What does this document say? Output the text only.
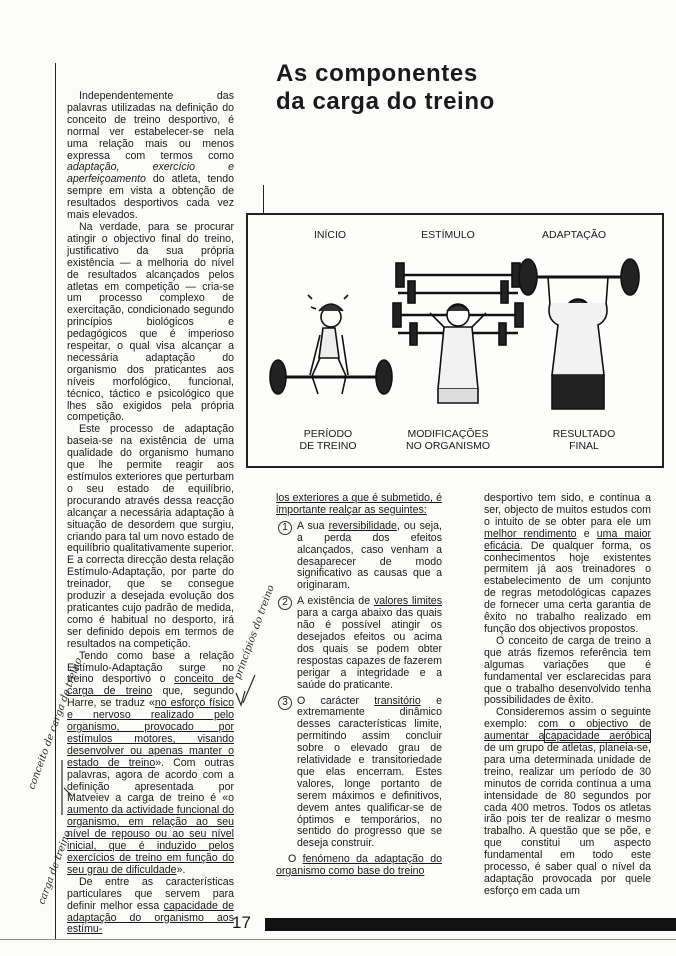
As componentes
da carga do treino

Independentemente das palavras utilizadas na definição do conceito de treino desportivo, é normal ver estabelecer-se nela uma relação mais ou menos expressa com termos como adaptação, exercício e aperfeiçoamento do atleta, tendo sempre em vista a obtenção de resultados desportivos cada vez mais elevados.

Na verdade, para se procurar atingir o objectivo final do treino, justificativo da sua própria existência — a melhoria do nível de resultados alcançados pelos atletas em competição — cria-se um processo complexo de exercitação, condicionado segundo princípios biológicos e pedagógicos que é imperioso respeitar, o qual visa alcançar a necessária adaptação do organismo dos praticantes aos níveis morfológico, funcional, técnico, táctico e psicológico que lhes são exigidos pela própria competição.

Este processo de adaptação baseia-se na existência de uma qualidade do organismo humano que lhe permite reagir aos estímulos exteriores que perturbam o seu estado de equilíbrio, procurando através dessa reacção alcançar a necessária adaptação à situação de desordem que surgiu, criando para tal um novo estado de equilíbrio qualitativamente superior. E a correcta direcção desta relação Estímulo-Adaptação, por parte do treinador, que se consegue produzir a desejada evolução dos praticantes cujo padrão de medida, como é habitual no desporto, irá ser definido depois em termos de resultados na competição.

Tendo como base a relação Estímulo-Adaptação surge no treino desportivo o conceito de carga de treino que, segundo Harre, se traduz «no esforço físico e nervoso realizado pelo organismo, provocado por estímulos motores, visando desenvolver ou apenas manter o estado de treino». Com outras palavras, agora de acordo com a definição apresentada por Matveiev a carga de treino é «o aumento da actividade funcional do organismo, em relação ao seu nível de repouso ou ao seu nível inicial, que é induzido pelos exercícios de treino em função do seu grau de dificuldade».

De entre as características particulares que servem para definir melhor essa capacidade de adaptação do organismo aos estímu-

INÍCIO	ESTÍMULO	ADAPTAÇÃO
PERÍODO
DE TREINO
MODIFICAÇÕES
NO ORGANISMO
RESULTADO
FINAL

los exteriores a que é submetido, é importante realçar as seguintes:

1 A sua reversibilidade, ou seja, a perda dos efeitos alcançados, caso venham a desaparecer de modo significativo as causas que a originaram.

2 A existência de valores limites para a carga abaixo das quais não é possível atingir os desejados efeitos ou acima dos quais se podem obter respostas capazes de fazerem perigar a integridade e a saúde do praticante.

3 O carácter transitório e extremamente dinâmico desses características limite, permitindo assim concluir sobre o elevado grau de relatividade e transitoriedade que elas encerram. Estes valores, longe portanto de serem máximos e definitivos, devem antes qualificar-se de óptimos e temporários, no sentido do progresso que se deseja construir.

O fenómeno da adaptação do organismo como base do treino

desportivo tem sido, e continua a ser, objecto de muitos estudos com o intuito de se obter para ele um melhor rendimento e uma maior eficácia. De qualquer forma, os conhecimentos hoje existentes permitem já aos treinadores o estabelecimento de um conjunto de regras metodológicas capazes de fornecer uma certa garantia de êxito no trabalho realizado em função dos objectivos propostos.

O conceito de carga de treino a que atrás fizemos referência tem algumas variações que é fundamental ver esclarecidas para que o trabalho desenvolvido tenha possibilidades de êxito.

Consideremos assim o seguinte exemplo: com o objectivo de aumentar acapacidade aeróbica de um grupo de atletas, planeia-se, para uma determinada unidade de treino, realizar um período de 30 minutos de corrida contínua a uma intensidade de 80 segundos por cada 400 metros. Todos os atletas irão pois ter de realizar o mesmo trabalho. A questão que se põe, e que constitui um aspecto fundamental em todo este processo, é saber qual o nível da adaptação provocada por quele esforço em cada um

conceito de carga de treino
carga de treino
princípios do treino
17
